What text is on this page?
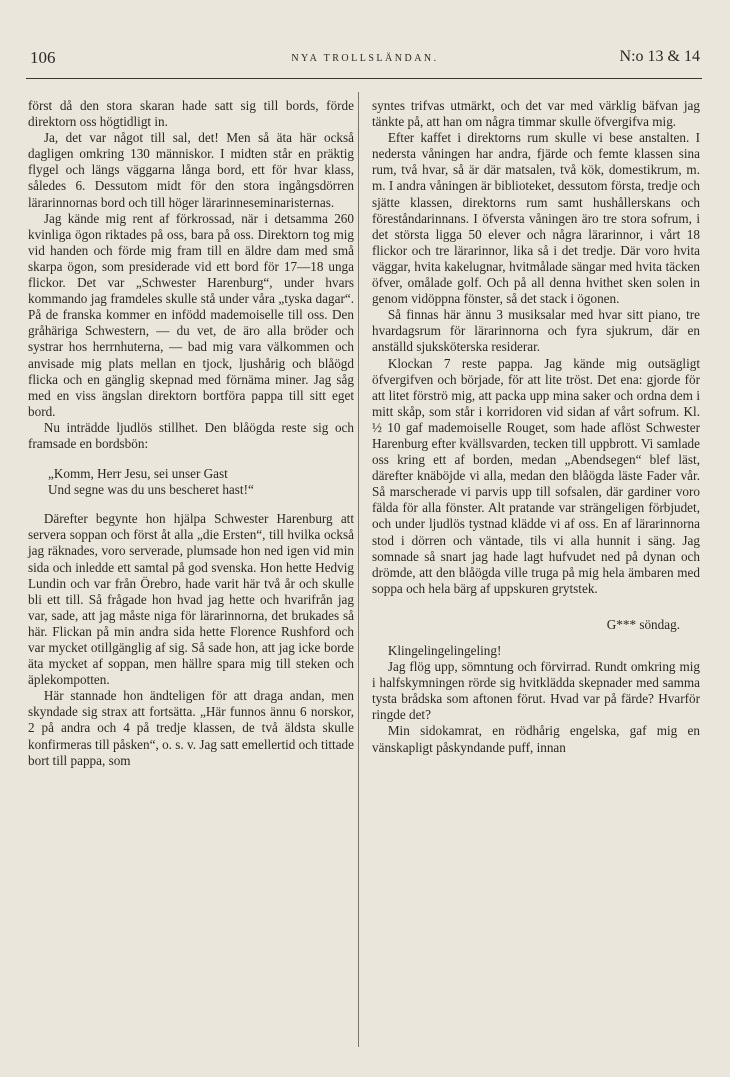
106	NYA TROLLSLÄNDAN.	N:o 13 & 14

först då den stora skaran hade satt sig till bords, förde direktorn oss högtidligt in.

Ja, det var något till sal, det! Men så äta här också dagligen omkring 130 människor. I midten står en präktig flygel och längs väggarna långa bord, ett för hvar klass, således 6. Dessutom midt för den stora ingångsdörren lärarinnornas bord och till höger lärarinneseminaristernas.

Jag kände mig rent af förkrossad, när i detsamma 260 kvinliga ögon riktades på oss, bara på oss. Direktorn tog mig vid handen och förde mig fram till en äldre dam med små skarpa ögon, som presiderade vid ett bord för 17—18 unga flickor. Det var „Schwester Harenburg“, under hvars kommando jag framdeles skulle stå under våra „tyska dagar“. På de franska kommer en infödd mademoiselle till oss. Den gråhäriga Schwestern, — du vet, de äro alla bröder och systrar hos herrnhuterna, — bad mig vara välkommen och anvisade mig plats mellan en tjock, ljushårig och blåögd flicka och en gänglig skepnad med förnäma miner. Jag såg med en viss ängslan direktorn bortföra pappa till sitt eget bord.

Nu inträdde ljudlös stillhet. Den blåögda reste sig och framsade en bordsbön:

„Komm, Herr Jesu, sei unser Gast
Und segne was du uns bescheret hast!“

Därefter begynte hon hjälpa Schwester Harenburg att servera soppan och först åt alla „die Ersten“, till hvilka också jag räknades, voro serverade, plumsade hon ned igen vid min sida och inledde ett samtal på god svenska. Hon hette Hedvig Lundin och var från Örebro, hade varit här två år och skulle bli ett till. Så frågade hon hvad jag hette och hvarifrån jag var, sade, att jag måste niga för lärarinnorna, det brukades så här. Flickan på min andra sida hette Florence Rushford och var mycket otillgänglig af sig. Så sade hon, att jag icke borde äta mycket af soppan, men hällre spara mig till steken och äplekompotten.

Här stannade hon ändteligen för att draga andan, men skyndade sig strax att fortsätta. „Här funnos ännu 6 norskor, 2 på andra och 4 på tredje klassen, de två äldsta skulle konfirmeras till påsken“, o. s. v. Jag satt emellertid och tittade bort till pappa, som

syntes trifvas utmärkt, och det var med värklig bäfvan jag tänkte på, att han om några timmar skulle öfvergifva mig.

Efter kaffet i direktorns rum skulle vi bese anstalten. I nedersta våningen har andra, fjärde och femte klassen sina rum, två hvar, så är där matsalen, två kök, domestikrum, m. m. I andra våningen är biblioteket, dessutom första, tredje och sjätte klassen, direktorns rum samt hushållerskans och föreståndarinnans. I öfversta våningen äro tre stora sofrum, i det största ligga 50 elever och några lärarinnor, i vårt 18 flickor och tre lärarinnor, lika så i det tredje. Där voro hvita väggar, hvita kakelugnar, hvitmålade sängar med hvita täcken öfver, omålade golf. Och på all denna hvithet sken solen in genom vidöppna fönster, så det stack i ögonen.

Så finnas här ännu 3 musiksalar med hvar sitt piano, tre hvardagsrum för lärarinnorna och fyra sjukrum, där en anställd sjuksköterska residerar.

Klockan 7 reste pappa. Jag kände mig outsägligt öfvergifven och började, för att lite tröst. Det ena: gjorde för att litet förströ mig, att packa upp mina saker och ordna dem i mitt skåp, som står i korridoren vid sidan af vårt sofrum. Kl. ½ 10 gaf mademoiselle Rouget, som hade aflöst Schwester Harenburg efter kvällsvarden, tecken till uppbrott. Vi samlade oss kring ett af borden, medan „Abendsegen“ blef läst, därefter knäböjde vi alla, medan den blåögda läste Fader vår. Så marscherade vi parvis upp till sofsalen, där gardiner voro fälda för alla fönster. Alt pratande var strängeligen förbjudet, och under ljudlös tystnad klädde vi af oss. En af lärarinnorna stod i dörren och väntade, tils vi alla hunnit i säng. Jag somnade så snart jag hade lagt hufvudet ned på dynan och drömde, att den blåögda ville truga på mig hela ämbaren med soppa och hela bärg af uppskuren grytstek.

G*** söndag.

Klingelingelingeling!

Jag flög upp, sömntung och förvirrad. Rundt omkring mig i halfskymningen rörde sig hvitklädda skepnader med samma tysta brådska som aftonen förut. Hvad var på färde? Hvarför ringde det?

Min sidokamrat, en rödhårig engelska, gaf mig en vänskapligt påskyndande puff, innan
